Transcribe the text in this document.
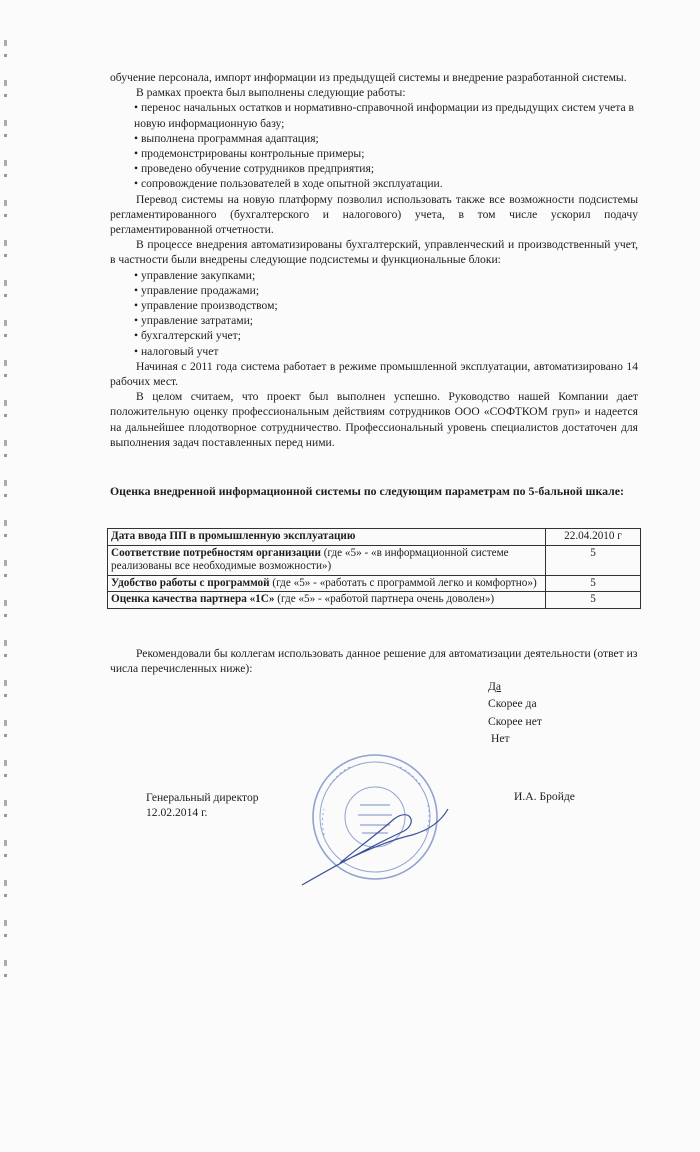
обучение персонала, импорт информации из предыдущей системы и внедрение разработанной системы.

В рамках проекта был выполнены следующие работы:

• перенос начальных остатков и нормативно-справочной информации из предыдущих систем учета в новую информационную базу;

• выполнена программная адаптация;

• продемонстрированы контрольные примеры;

• проведено обучение сотрудников предприятия;

• сопровождение пользователей в ходе опытной эксплуатации.

Перевод системы на новую платформу позволил использовать также все возможности подсистемы регламентированного (бухгалтерского и налогового) учета, в том числе ускорил подачу регламентированной отчетности.

В процессе внедрения автоматизированы бухгалтерский, управленческий и производственный учет, в частности были внедрены следующие подсистемы и функциональные блоки:

• управление закупками;

• управление продажами;

• управление производством;

• управление затратами;

• бухгалтерский учет;

• налоговый учет

Начиная с 2011 года система работает в режиме промышленной эксплуатации, автоматизировано 14 рабочих мест.

В целом считаем, что проект был выполнен успешно. Руководство нашей Компании дает положительную оценку профессиональным действиям сотрудников ООО «СОФТКОМ груп» и надеется на дальнейшее плодотворное сотрудничество. Профессиональный уровень специалистов достаточен для выполнения задач поставленных перед ними.

Оценка внедренной информационной системы по следующим параметрам по 5-бальной шкале:
Дата ввода ПП в промышленную эксплуатацию	22.04.2010 г
Соответствие потребностям организации (где «5» - «в информационной системе реализованы все необходимые возможности»)	5
Удобство работы с программой (где «5» - «работать с программой легко и комфортно»)	5
Оценка качества партнера «1С» (где «5» - «работой партнера очень доволен»)	5

Рекомендовали бы коллегам использовать данное решение для автоматизации деятельности (ответ из числа перечисленных ниже):

Да
Скорее да
Скорее нет
Нет
Генеральный директор
12.02.2014 г.
И.А. Бройде
